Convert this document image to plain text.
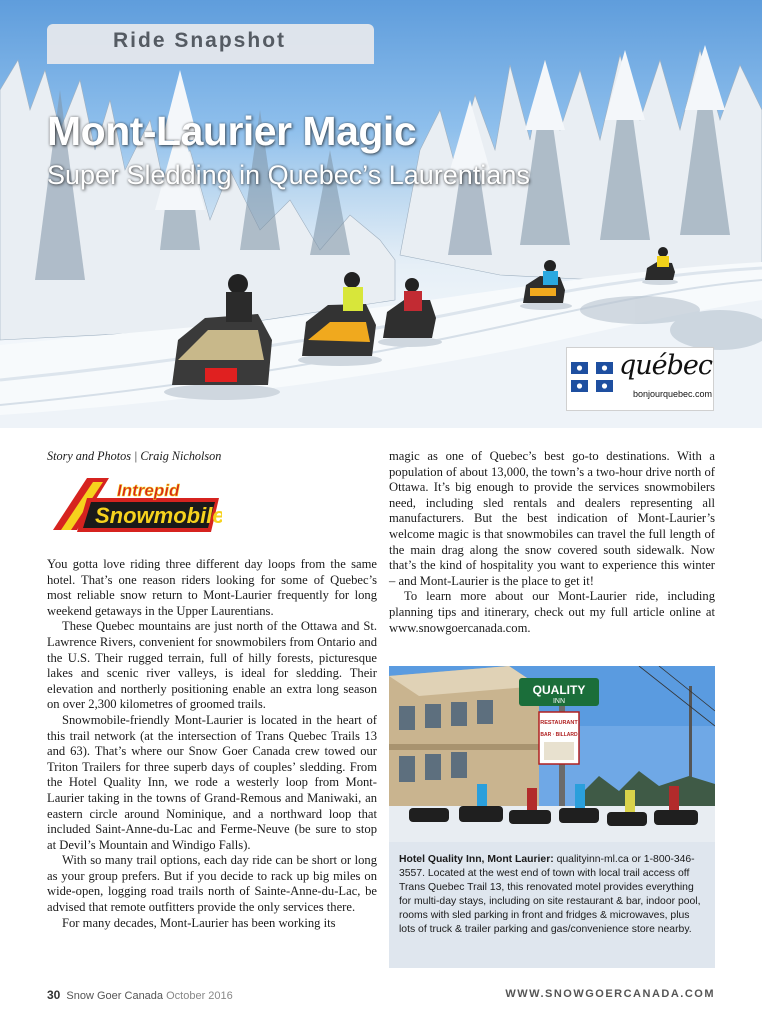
Ride Snapshot
Mont-Laurier Magic
Super Sledding in Quebec’s Laurentians
québec
bonjourquebec.com
Story and Photos | Craig Nicholson
Intrepid
Snowmobiler

You gotta love riding three different day loops from the same hotel. That’s one reason riders looking for some of Quebec’s most reliable snow return to Mont-Laurier frequently for long weekend getaways in the Upper Laurentians.

These Quebec mountains are just north of the Ottawa and St. Lawrence Rivers, convenient for snowmobilers from Ontario and the U.S. Their rugged terrain, full of hilly forests, picturesque lakes and scenic river valleys, is ideal for sledding. Their elevation and northerly positioning enable an extra long season on over 2,300 kilometres of groomed trails.

Snowmobile-friendly Mont-Laurier is located in the heart of this trail network (at the intersection of Trans Quebec Trails 13 and 63). That’s where our Snow Goer Canada crew towed our Triton Trailers for three superb days of couples’ sledding. From the Hotel Quality Inn, we rode a westerly loop from Mont-Laurier taking in the towns of Grand-Remous and Maniwaki, an eastern circle around Nominique, and a northward loop that included Saint-Anne-du-Lac and Ferme-Neuve (be sure to stop at Devil’s Mountain and Windigo Falls).

With so many trail options, each day ride can be short or long as your group prefers. But if you decide to rack up big miles on wide-open, logging road trails north of Sainte-Anne-du-Lac, be advised that remote outfitters provide the only services there.

For many decades, Mont-Laurier has been working its

magic as one of Quebec’s best go-to destinations. With a population of about 13,000, the town’s a two-hour drive north of Ottawa. It’s big enough to provide the services snowmobilers need, including sled rentals and dealers representing all manufacturers. But the best indication of Mont-Laurier’s welcome magic is that snowmobiles can travel the full length of the main drag along the snow covered south sidewalk. Now that’s the kind of hospitality you want to experience this winter – and Mont-Laurier is the place to get it!

To learn more about our Mont-Laurier ride, including planning tips and itinerary, check out my full article online at www.snowgoercanada.com.

QUALITY
INN
RESTAURANT
BAR · BILLARD
Hotel Quality Inn, Mont Laurier: qualityinn-ml.ca or 1-800-346-3557. Located at the west end of town with local trail access off Trans Quebec Trail 13, this renovated motel provides everything for multi-day stays, including on site restaurant & bar, indoor pool, rooms with sled parking in front and fridges & microwaves, plus lots of truck & trailer parking and gas/convenience store nearby.
30 Snow Goer Canada October 2016	WWW.SNOWGOERCANADA.COM
